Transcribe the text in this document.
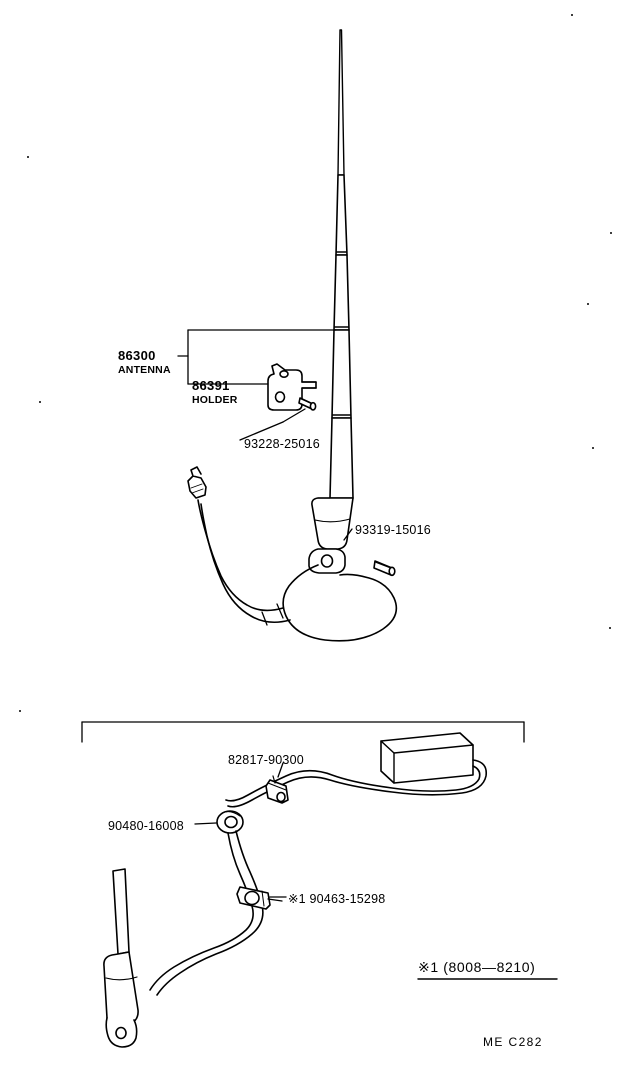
86300
ANTENNA
86391
HOLDER
93228-25016
93319-15016
82817-90300
90480-16008
※1 90463-15298
※1 (8008—8210)
ME C282
